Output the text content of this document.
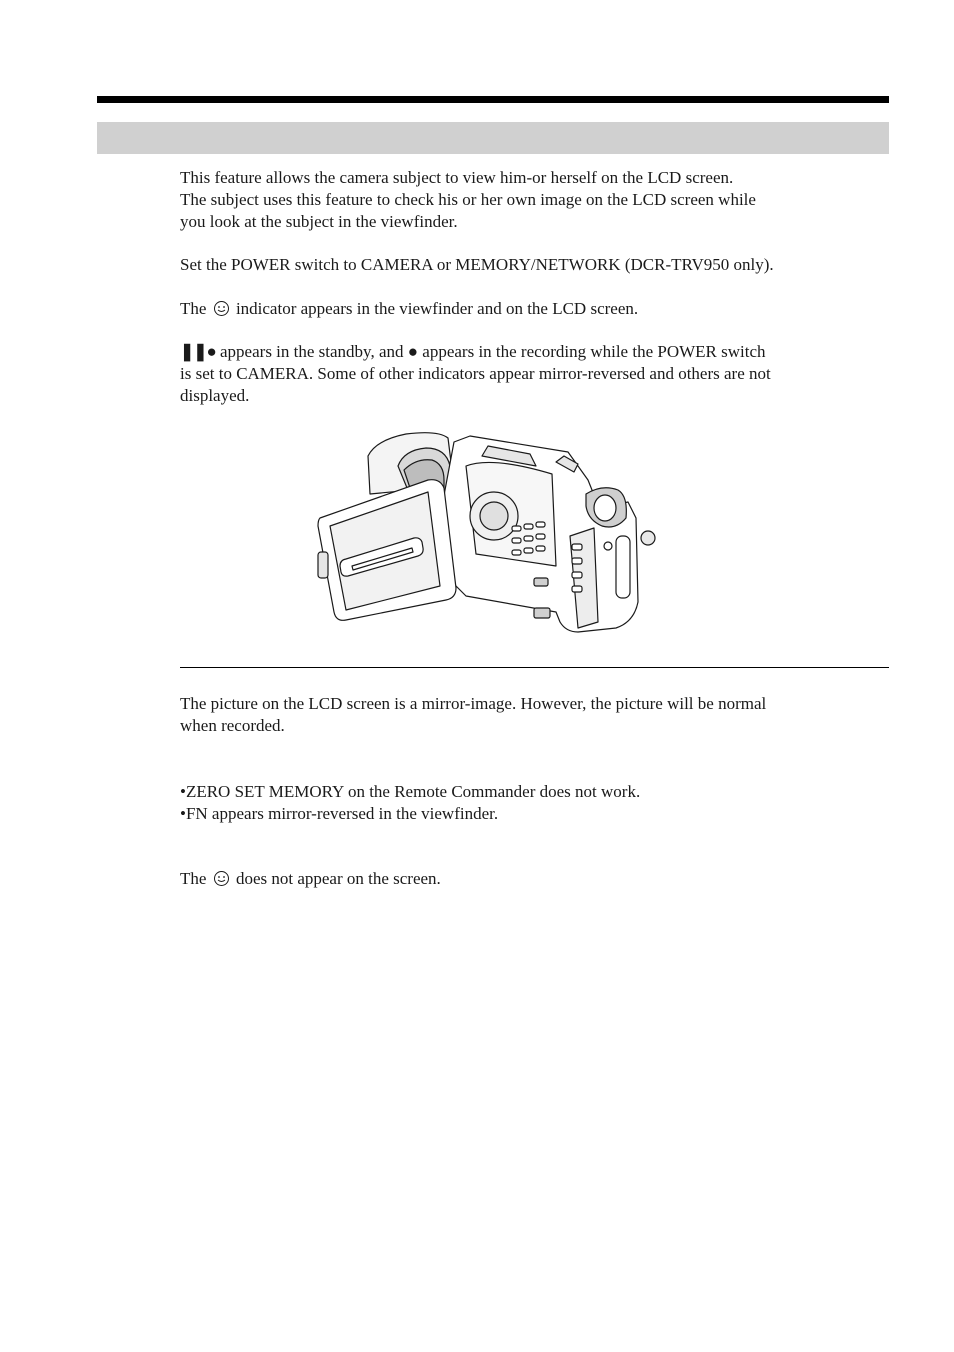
This feature allows the camera subject to view him-or herself on the LCD screen.
The subject uses this feature to check his or her own image on the LCD screen while
you look at the subject in the viewfinder.

Set the POWER switch to CAMERA or MEMORY/NETWORK (DCR-TRV950 only).

The indicator appears in the viewfinder and on the LCD screen.

❚❚● appears in the standby, and ● appears in the recording while the POWER switch
is set to CAMERA. Some of other indicators appear mirror-reversed and others are not
displayed.

The picture on the LCD screen is a mirror-image. However, the picture will be normal
when recorded.

•ZERO SET MEMORY on the Remote Commander does not work.
•FN appears mirror-reversed in the viewfinder.

The does not appear on the screen.
